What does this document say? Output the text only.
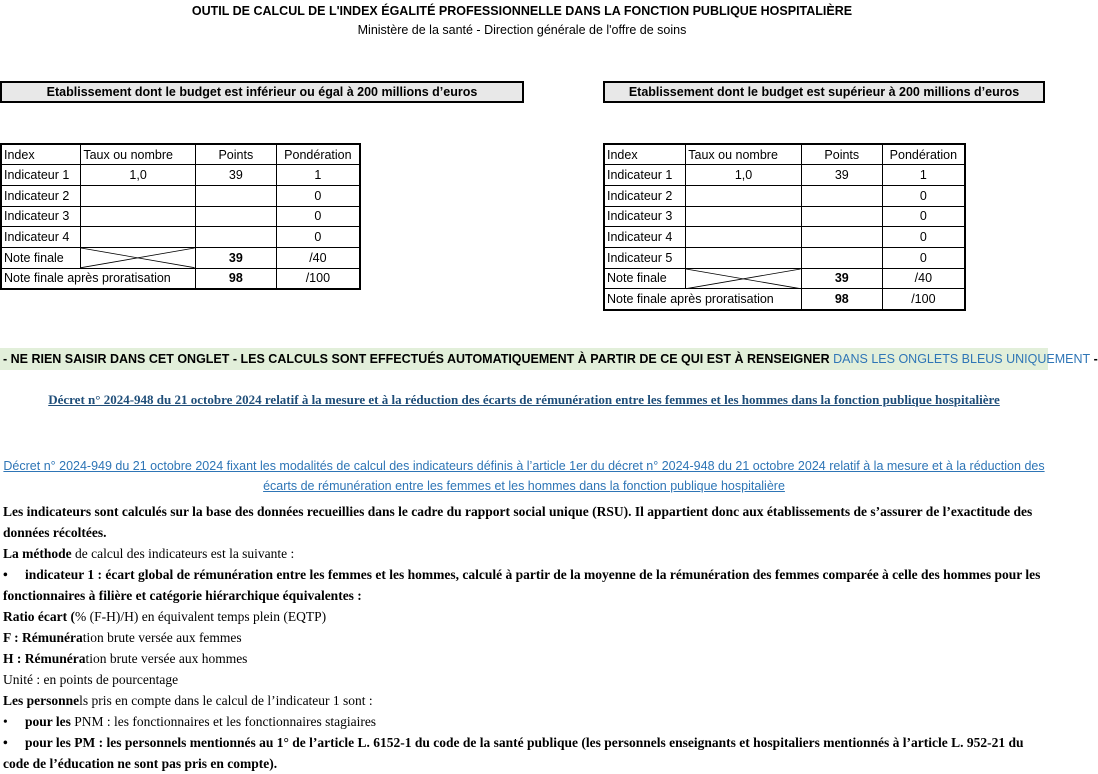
OUTIL DE CALCUL DE L'INDEX ÉGALITÉ PROFESSIONNELLE DANS LA FONCTION PUBLIQUE HOSPITALIÈRE
Ministère de la santé - Direction générale de l'offre de soins
Etablissement dont le budget est inférieur ou égal à 200 millions d’euros	Etablissement dont le budget est supérieur à 200 millions d’euros
Index	Taux ou nombre	Points	Pondération
Indicateur 1	1,0	39	1
Indicateur 2			0
Indicateur 3			0
Indicateur 4			0
Note finale		39	/40
Note finale après proratisation		98	/100
Index	Taux ou nombre	Points	Pondération
Indicateur 1	1,0	39	1
Indicateur 2			0
Indicateur 3			0
Indicateur 4			0
Indicateur 5			0
Note finale		39	/40
Note finale après proratisation		98	/100
- NE RIEN SAISIR DANS CET ONGLET - LES CALCULS SONT EFFECTUÉS AUTOMATIQUEMENT À PARTIR DE CE QUI EST À RENSEIGNER DANS LES ONGLETS BLEUS UNIQUEMENT -
Décret n° 2024-948 du 21 octobre 2024 relatif à la mesure et à la réduction des écarts de rémunération entre les femmes et les hommes dans la fonction publique hospitalière
Décret n° 2024-949 du 21 octobre 2024 fixant les modalités de calcul des indicateurs définis à l’article 1er du décret n° 2024-948 du 21 octobre 2024 relatif à la mesure et à la réduction des écarts de rémunération entre les femmes et les hommes dans la fonction publique hospitalière

Les indicateurs sont calculés sur la base des données recueillies dans le cadre du rapport social unique (RSU). Il appartient donc aux établissements de s’assurer de l’exactitude des données récoltées.

La méthode de calcul des indicateurs est la suivante :

• indicateur 1 : écart global de rémunération entre les femmes et les hommes, calculé à partir de la moyenne de la rémunération des femmes comparée à celle des hommes pour les fonctionnaires à filière et catégorie hiérarchique équivalentes :

Ratio écart (% (F-H)/H) en équivalent temps plein (EQTP)

F : Rémunération brute versée aux femmes

H : Rémunération brute versée aux hommes

Unité : en points de pourcentage

Les personnels pris en compte dans le calcul de l’indicateur 1 sont :

• pour les PNM : les fonctionnaires et les fonctionnaires stagiaires

• pour les PM : les personnels mentionnés au 1° de l’article L. 6152-1 du code de la santé publique (les personnels enseignants et hospitaliers mentionnés à l’article L. 952-21 du code de l’éducation ne sont pas pris en compte).
